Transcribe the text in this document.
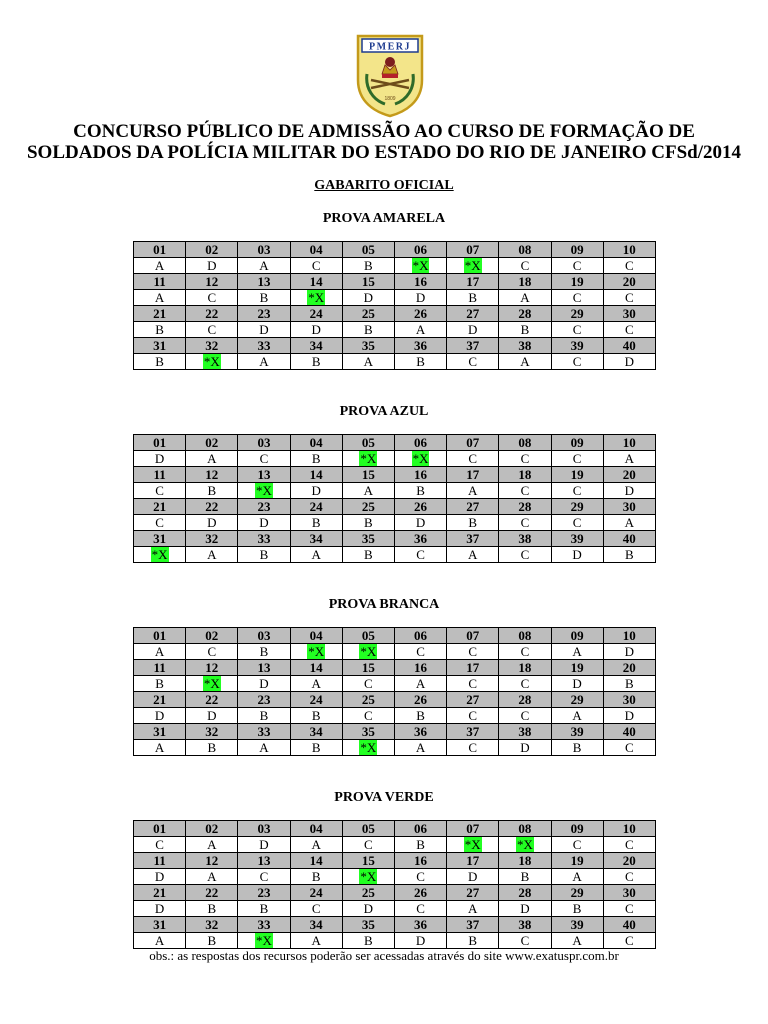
PMERJ
1809
CONCURSO PÚBLICO DE ADMISSÃO AO CURSO DE FORMAÇÃO DE
SOLDADOS DA POLÍCIA MILITAR DO ESTADO DO RIO DE JANEIRO CFSd/2014
GABARITO OFICIAL
PROVA AMARELA
01	02	03	04	05	06	07	08	09	10
A	D	A	C	B	*X	*X	C	C	C
11	12	13	14	15	16	17	18	19	20
A	C	B	*X	D	D	B	A	C	C
21	22	23	24	25	26	27	28	29	30
B	C	D	D	B	A	D	B	C	C
31	32	33	34	35	36	37	38	39	40
B	*X	A	B	A	B	C	A	C	D
PROVA AZUL
01	02	03	04	05	06	07	08	09	10
D	A	C	B	*X	*X	C	C	C	A
11	12	13	14	15	16	17	18	19	20
C	B	*X	D	A	B	A	C	C	D
21	22	23	24	25	26	27	28	29	30
C	D	D	B	B	D	B	C	C	A
31	32	33	34	35	36	37	38	39	40
*X	A	B	A	B	C	A	C	D	B
PROVA BRANCA
01	02	03	04	05	06	07	08	09	10
A	C	B	*X	*X	C	C	C	A	D
11	12	13	14	15	16	17	18	19	20
B	*X	D	A	C	A	C	C	D	B
21	22	23	24	25	26	27	28	29	30
D	D	B	B	C	B	C	C	A	D
31	32	33	34	35	36	37	38	39	40
A	B	A	B	*X	A	C	D	B	C
PROVA VERDE
01	02	03	04	05	06	07	08	09	10
C	A	D	A	C	B	*X	*X	C	C
11	12	13	14	15	16	17	18	19	20
D	A	C	B	*X	C	D	B	A	C
21	22	23	24	25	26	27	28	29	30
D	B	B	C	D	C	A	D	B	C
31	32	33	34	35	36	37	38	39	40
A	B	*X	A	B	D	B	C	A	C
obs.: as respostas dos recursos poderão ser acessadas através do site www.exatuspr.com.br
